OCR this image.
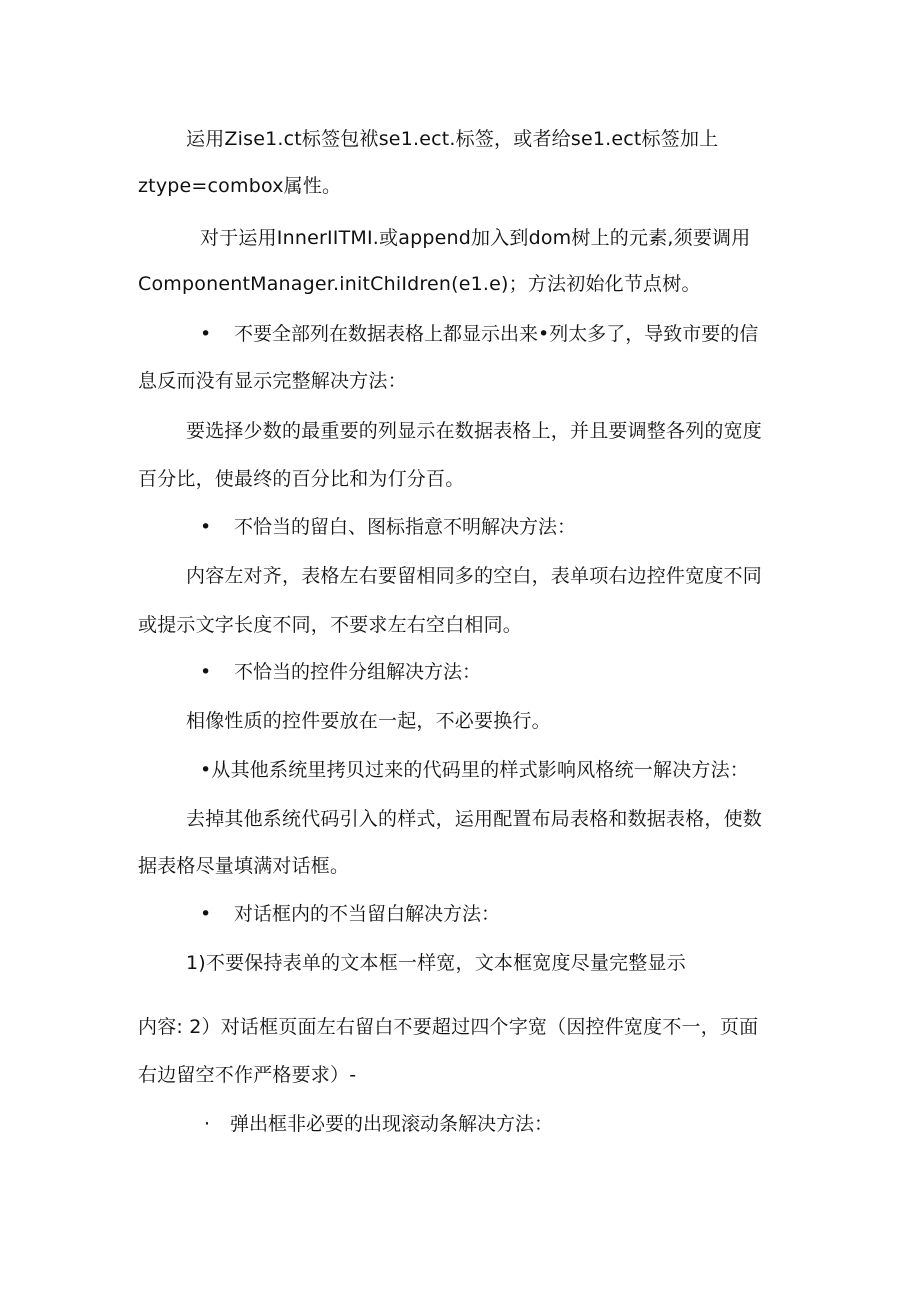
运用Zise1.ct标签包袱se1.ect.标签，或者给se1.ect标签加上
ztype=combox属性。
对于运用InnerIITMI.或append加入到dom树上的元素,须要调用
ComponentManager.initChiIdren(e1.e)；方法初始化节点树。
• 不要全部列在数据表格上都显示出来•列太多了，导致市要的信
息反而没有显示完整解决方法：
要选择少数的最重要的列显示在数据表格上，并且要调整各列的宽度
百分比，使最终的百分比和为仃分百。
• 不恰当的留白、图标指意不明解决方法：
内容左对齐，表格左右要留相同多的空白，表单项右边控件宽度不同
或提示文字长度不同，不要求左右空白相同。
• 不恰当的控件分组解决方法：
相像性质的控件要放在一起，不必要换行。
•从其他系统里拷贝过来的代码里的样式影响风格统一解决方法：
去掉其他系统代码引入的样式，运用配置布局表格和数据表格，使数
据表格尽量填满对话框。
• 对话框内的不当留白解决方法：
1)不要保持表单的文本框一样宽，文本框宽度尽量完整显示
内容: 2）对话框页面左右留白不要超过四个字宽（因控件宽度不一，页面
右边留空不作严格要求）-
· 弹出框非必要的出现滚动条解决方法：
